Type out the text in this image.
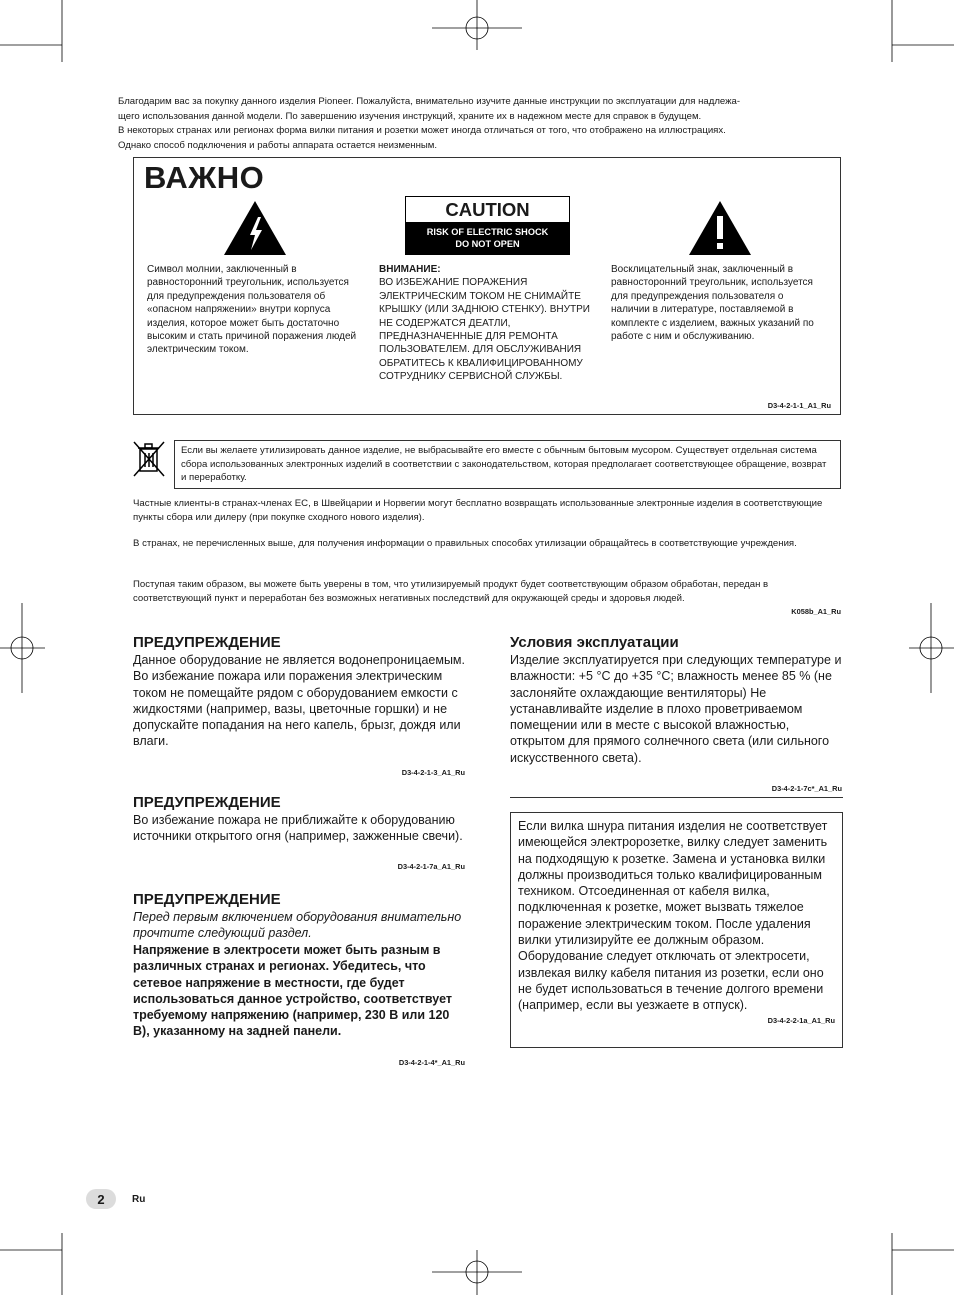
Благодарим вас за покупку данного изделия Pioneer. Пожалуйста, внимательно изучите данные инструкции по эксплуатации для надлежа-

щего использования данной модели. По завершению изучения инструкций, храните их в надежном месте для справок в будущем.

В некоторых странах или регионах форма вилки питания и розетки может иногда отличаться от того, что отображено на иллюстрациях.

Однако способ подключения и работы аппарата остается неизменным.

ВАЖНО
CAUTION
RISK OF ELECTRIC SHOCK
DO NOT OPEN
Символ молнии, заключенный в равносторонний треугольник, используется для предупреждения пользователя об «опасном напряжении» внутри корпуса изделия, которое может быть достаточно высоким и стать причиной поражения людей электрическим током.
ВНИМАНИЕ:
ВО ИЗБЕЖАНИЕ ПОРАЖЕНИЯ ЭЛЕКТРИЧЕСКИМ ТОКОМ НЕ СНИМАЙТЕ КРЫШКУ (ИЛИ ЗАДНЮЮ СТЕНКУ). ВНУТРИ НЕ СОДЕРЖАТСЯ ДЕАТЛИ, ПРЕДНАЗНАЧЕННЫЕ ДЛЯ РЕМОНТА ПОЛЬЗОВАТЕЛЕМ. ДЛЯ ОБСЛУЖИВАНИЯ ОБРАТИТЕСЬ К КВАЛИФИЦИРОВАННОМУ СОТРУДНИКУ СЕРВИСНОЙ СЛУЖБЫ.
Восклицательный знак, заключенный в равносторонний треугольник, используется для предупреждения пользователя о наличии в литературе, поставляемой в комплекте с изделием, важных указаний по работе с ним и обслуживанию.
D3-4-2-1-1_A1_Ru
Если вы желаете утилизировать данное изделие, не выбрасывайте его вместе с обычным бытовым мусором. Существует отдельная система сбора использованных электронных изделий в соответствии с законодательством, которая предполагает соответствующее обращение, возврат и переработку.
Частные клиенты-в странах-членах ЕС, в Швейцарии и Норвегии могут бесплатно возвращать использованные электронные изделия в соответствующие пункты сбора или дилеру (при покупке сходного нового изделия).
В странах, не перечисленных выше, для получения информации о правильных способах утилизации обращайтесь в соответствующие учреждения.
Поступая таким образом, вы можете быть уверены в том, что утилизируемый продукт будет соответствующим образом обработан, передан в соответствующий пункт и переработан без возможных негативных последствий для окружающей среды и здоровья людей.
K058b_A1_Ru
ПРЕДУПРЕЖДЕНИЕ
Данное оборудование не является водонепроницаемым. Во избежание пожара или поражения электрическим током не помещайте рядом с оборудованием емкости с жидкостями (например, вазы, цветочные горшки) и не допускайте попадания на него капель, брызг, дождя или влаги.
D3-4-2-1-3_A1_Ru
ПРЕДУПРЕЖДЕНИЕ
Во избежание пожара не приближайте к оборудованию источники открытого огня (например, зажженные свечи).
D3-4-2-1-7a_A1_Ru
ПРЕДУПРЕЖДЕНИЕ
Перед первым включением оборудования внимательно прочтите следующий раздел.
Напряжение в электросети может быть разным в различных странах и регионах. Убедитесь, что сетевое напряжение в местности, где будет использоваться данное устройство, соответствует требуемому напряжению (например, 230 В или 120 В), указанному на задней панели.
D3-4-2-1-4*_A1_Ru
Условия эксплуатации
Изделие эксплуатируется при следующих температуре и влажности: +5 °C до +35 °C; влажность менее 85 % (не заслоняйте охлаждающие вентиляторы) Не устанавливайте изделие в плохо проветриваемом помещении или в месте с высокой влажностью, открытом для прямого солнечного света (или сильного искусственного света).
D3-4-2-1-7c*_A1_Ru
Если вилка шнура питания изделия не соответствует имеющейся электророзетке, вилку следует заменить на подходящую к розетке. Замена и установка вилки должны производиться только квалифицированным техником. Отсоединенная от кабеля вилка, подключенная к розетке, может вызвать тяжелое поражение электрическим током. После удаления вилки утилизируйте ее должным образом. Оборудование следует отключать от электросети, извлекая вилку кабеля питания из розетки, если оно не будет использоваться в течение долгого времени (например, если вы уезжаете в отпуск).
D3-4-2-2-1a_A1_Ru
2	Ru
